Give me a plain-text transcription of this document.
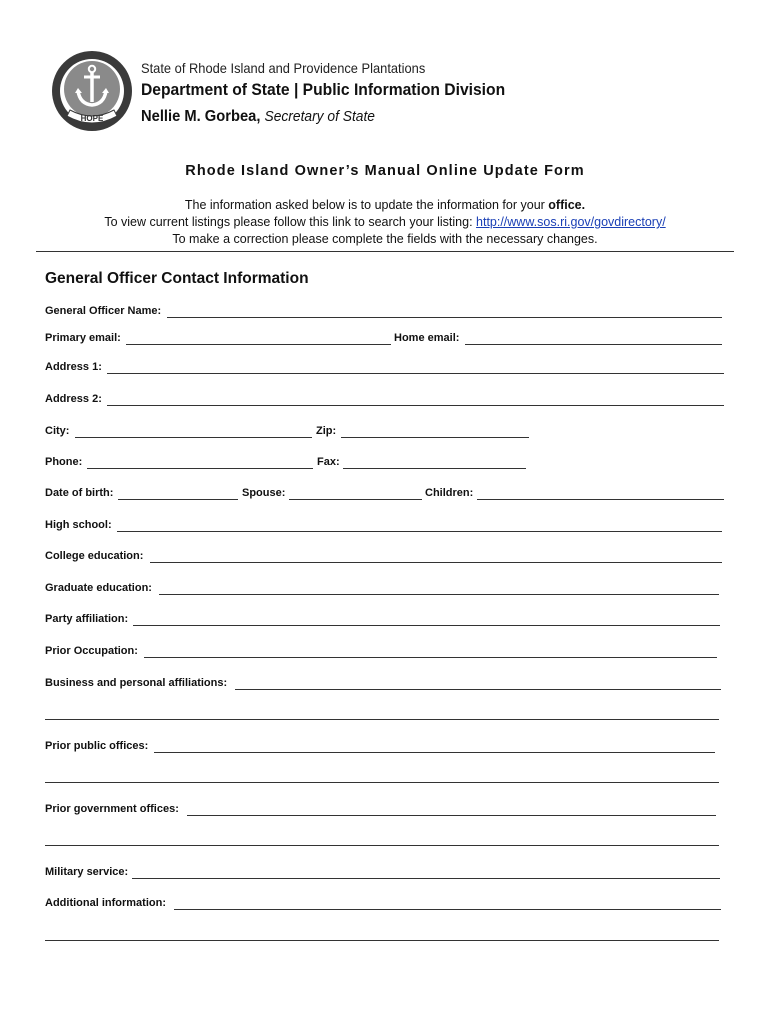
HOPE
State of Rhode Island and Providence Plantations
Department of State | Public Information Division
Nellie M. Gorbea, Secretary of State
Rhode Island Owner’s Manual Online Update Form
The information asked below is to update the information for your office.
To view current listings please follow this link to search your listing: http://www.sos.ri.gov/govdirectory/
To make a correction please complete the fields with the necessary changes.
General Officer Contact Information
General Officer Name:
Primary email:	Home email:
Address 1:
Address 2:
City:	Zip:
Phone:	Fax:
Date of birth:	Spouse:	Children:
High school:
College education:
Graduate education:
Party affiliation:
Prior Occupation:
Business and personal affiliations:
Prior public offices:
Prior government offices:
Military service:
Additional information:
